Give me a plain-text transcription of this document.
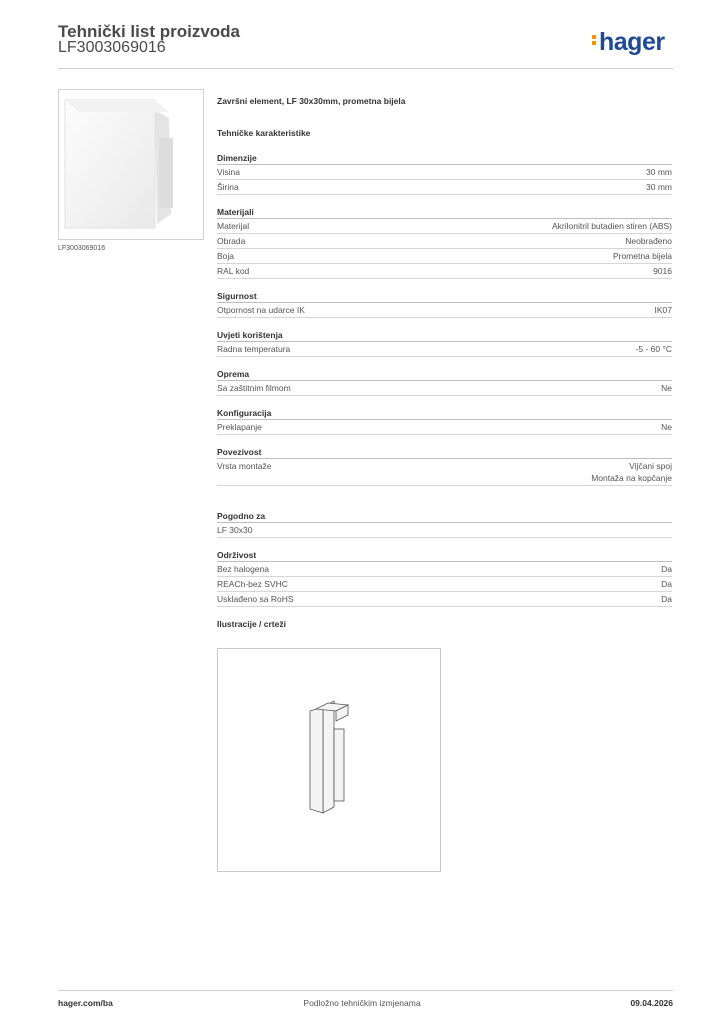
Tehnički list proizvoda
LF3003069016	hager
LF3003069016
Završni element, LF 30x30mm, prometna bijela
Tehničke karakteristike
Dimenzije
Visina	30 mm
Širina	30 mm
Materijali
Materijal	Akrilonitril butadien stiren (ABS)
Obrada	Neobrađeno
Boja	Prometna bijela
RAL kod	9016
Sigurnost
Otpornost na udarce IK	IK07
Uvjeti korištenja
Radna temperatura	-5 - 60 °C
Oprema
Sa zaštitnim filmom	Ne
Konfiguracija
Preklapanje	Ne
Povezivost
Vrsta montaže	Vijčani spoj
Montaža na kopčanje
Pogodno za
LF 30x30
Održivost
Bez halogena	Da
REACh-bez SVHC	Da
Usklađeno sa RoHS	Da
Ilustracije / crteži
hager.com/ba	Podložno tehničkim izmjenama	09.04.2026
